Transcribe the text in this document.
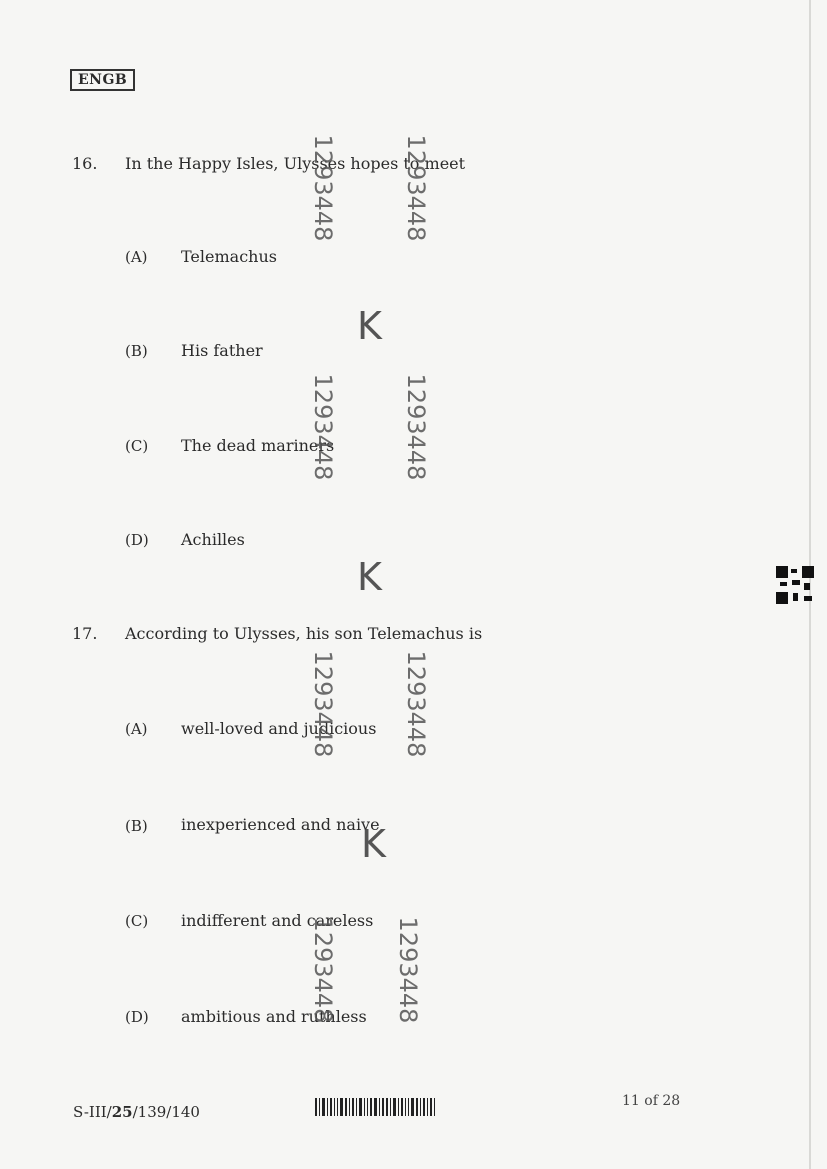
ENGB
16. In the Happy Isles, Ulysses hopes to meet
(A) Telemachus
(B) His father
(C) The dead mariners
(D) Achilles
17. According to Ulysses, his son Telemachus is
(A) well-loved and judicious
(B) inexperienced and naive
(C) indifferent and careless
(D) ambitious and ruthless
1293448	1293448
K
1293448	1293448
K
1293448	1293448
K
1293448 1293448
S-III/25/139/140
11 of 28
